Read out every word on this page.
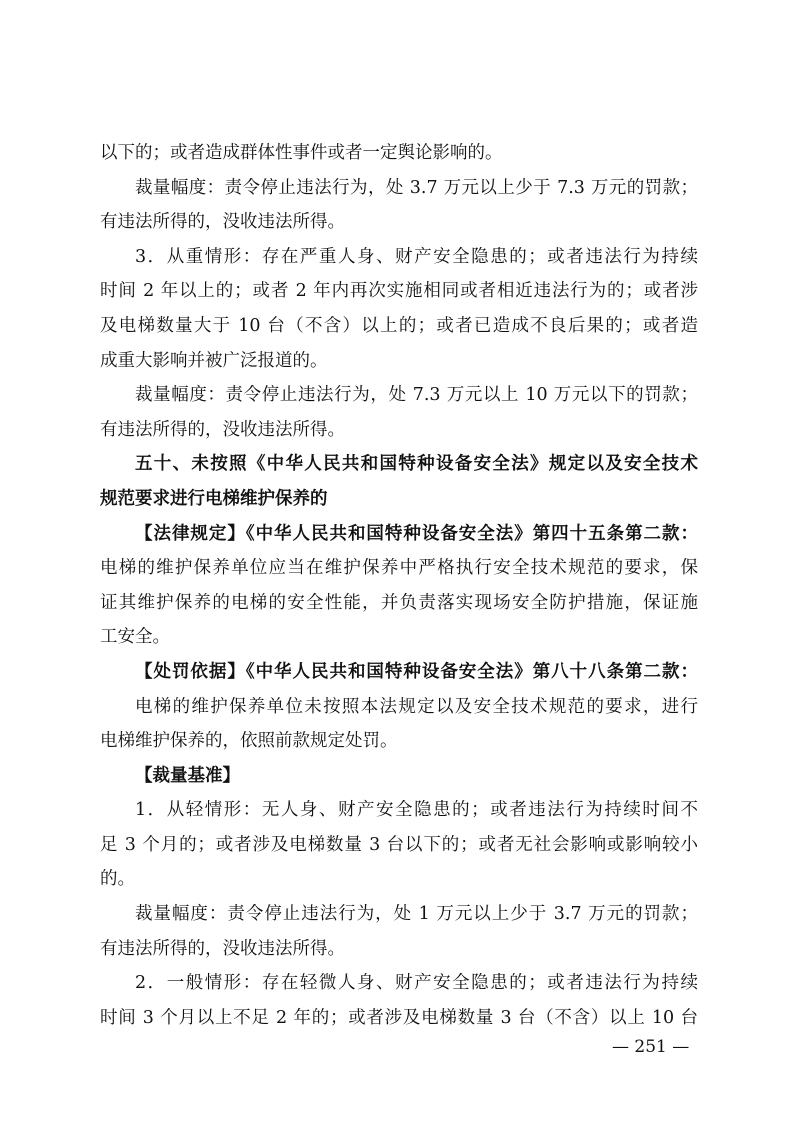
以下的；或者造成群体性事件或者一定舆论影响的。
裁量幅度：责令停止违法行为，处 3.7 万元以上少于 7.3 万元的罚款；
有违法所得的，没收违法所得。
3．从重情形：存在严重人身、财产安全隐患的；或者违法行为持续
时间 2 年以上的；或者 2 年内再次实施相同或者相近违法行为的；或者涉
及电梯数量大于 10 台（不含）以上的；或者已造成不良后果的；或者造
成重大影响并被广泛报道的。
裁量幅度：责令停止违法行为，处 7.3 万元以上 10 万元以下的罚款；
有违法所得的，没收违法所得。
五十、未按照《中华人民共和国特种设备安全法》规定以及安全技术
规范要求进行电梯维护保养的
【法律规定】《中华人民共和国特种设备安全法》第四十五条第二款：
电梯的维护保养单位应当在维护保养中严格执行安全技术规范的要求，保
证其维护保养的电梯的安全性能，并负责落实现场安全防护措施，保证施
工安全。
【处罚依据】《中华人民共和国特种设备安全法》第八十八条第二款：
电梯的维护保养单位未按照本法规定以及安全技术规范的要求，进行
电梯维护保养的，依照前款规定处罚。
【裁量基准】
1．从轻情形：无人身、财产安全隐患的；或者违法行为持续时间不
足 3 个月的；或者涉及电梯数量 3 台以下的；或者无社会影响或影响较小
的。
裁量幅度：责令停止违法行为，处 1 万元以上少于 3.7 万元的罚款；
有违法所得的，没收违法所得。
2．一般情形：存在轻微人身、财产安全隐患的；或者违法行为持续
时间 3 个月以上不足 2 年的；或者涉及电梯数量 3 台（不含）以上 10 台
— 251 —
